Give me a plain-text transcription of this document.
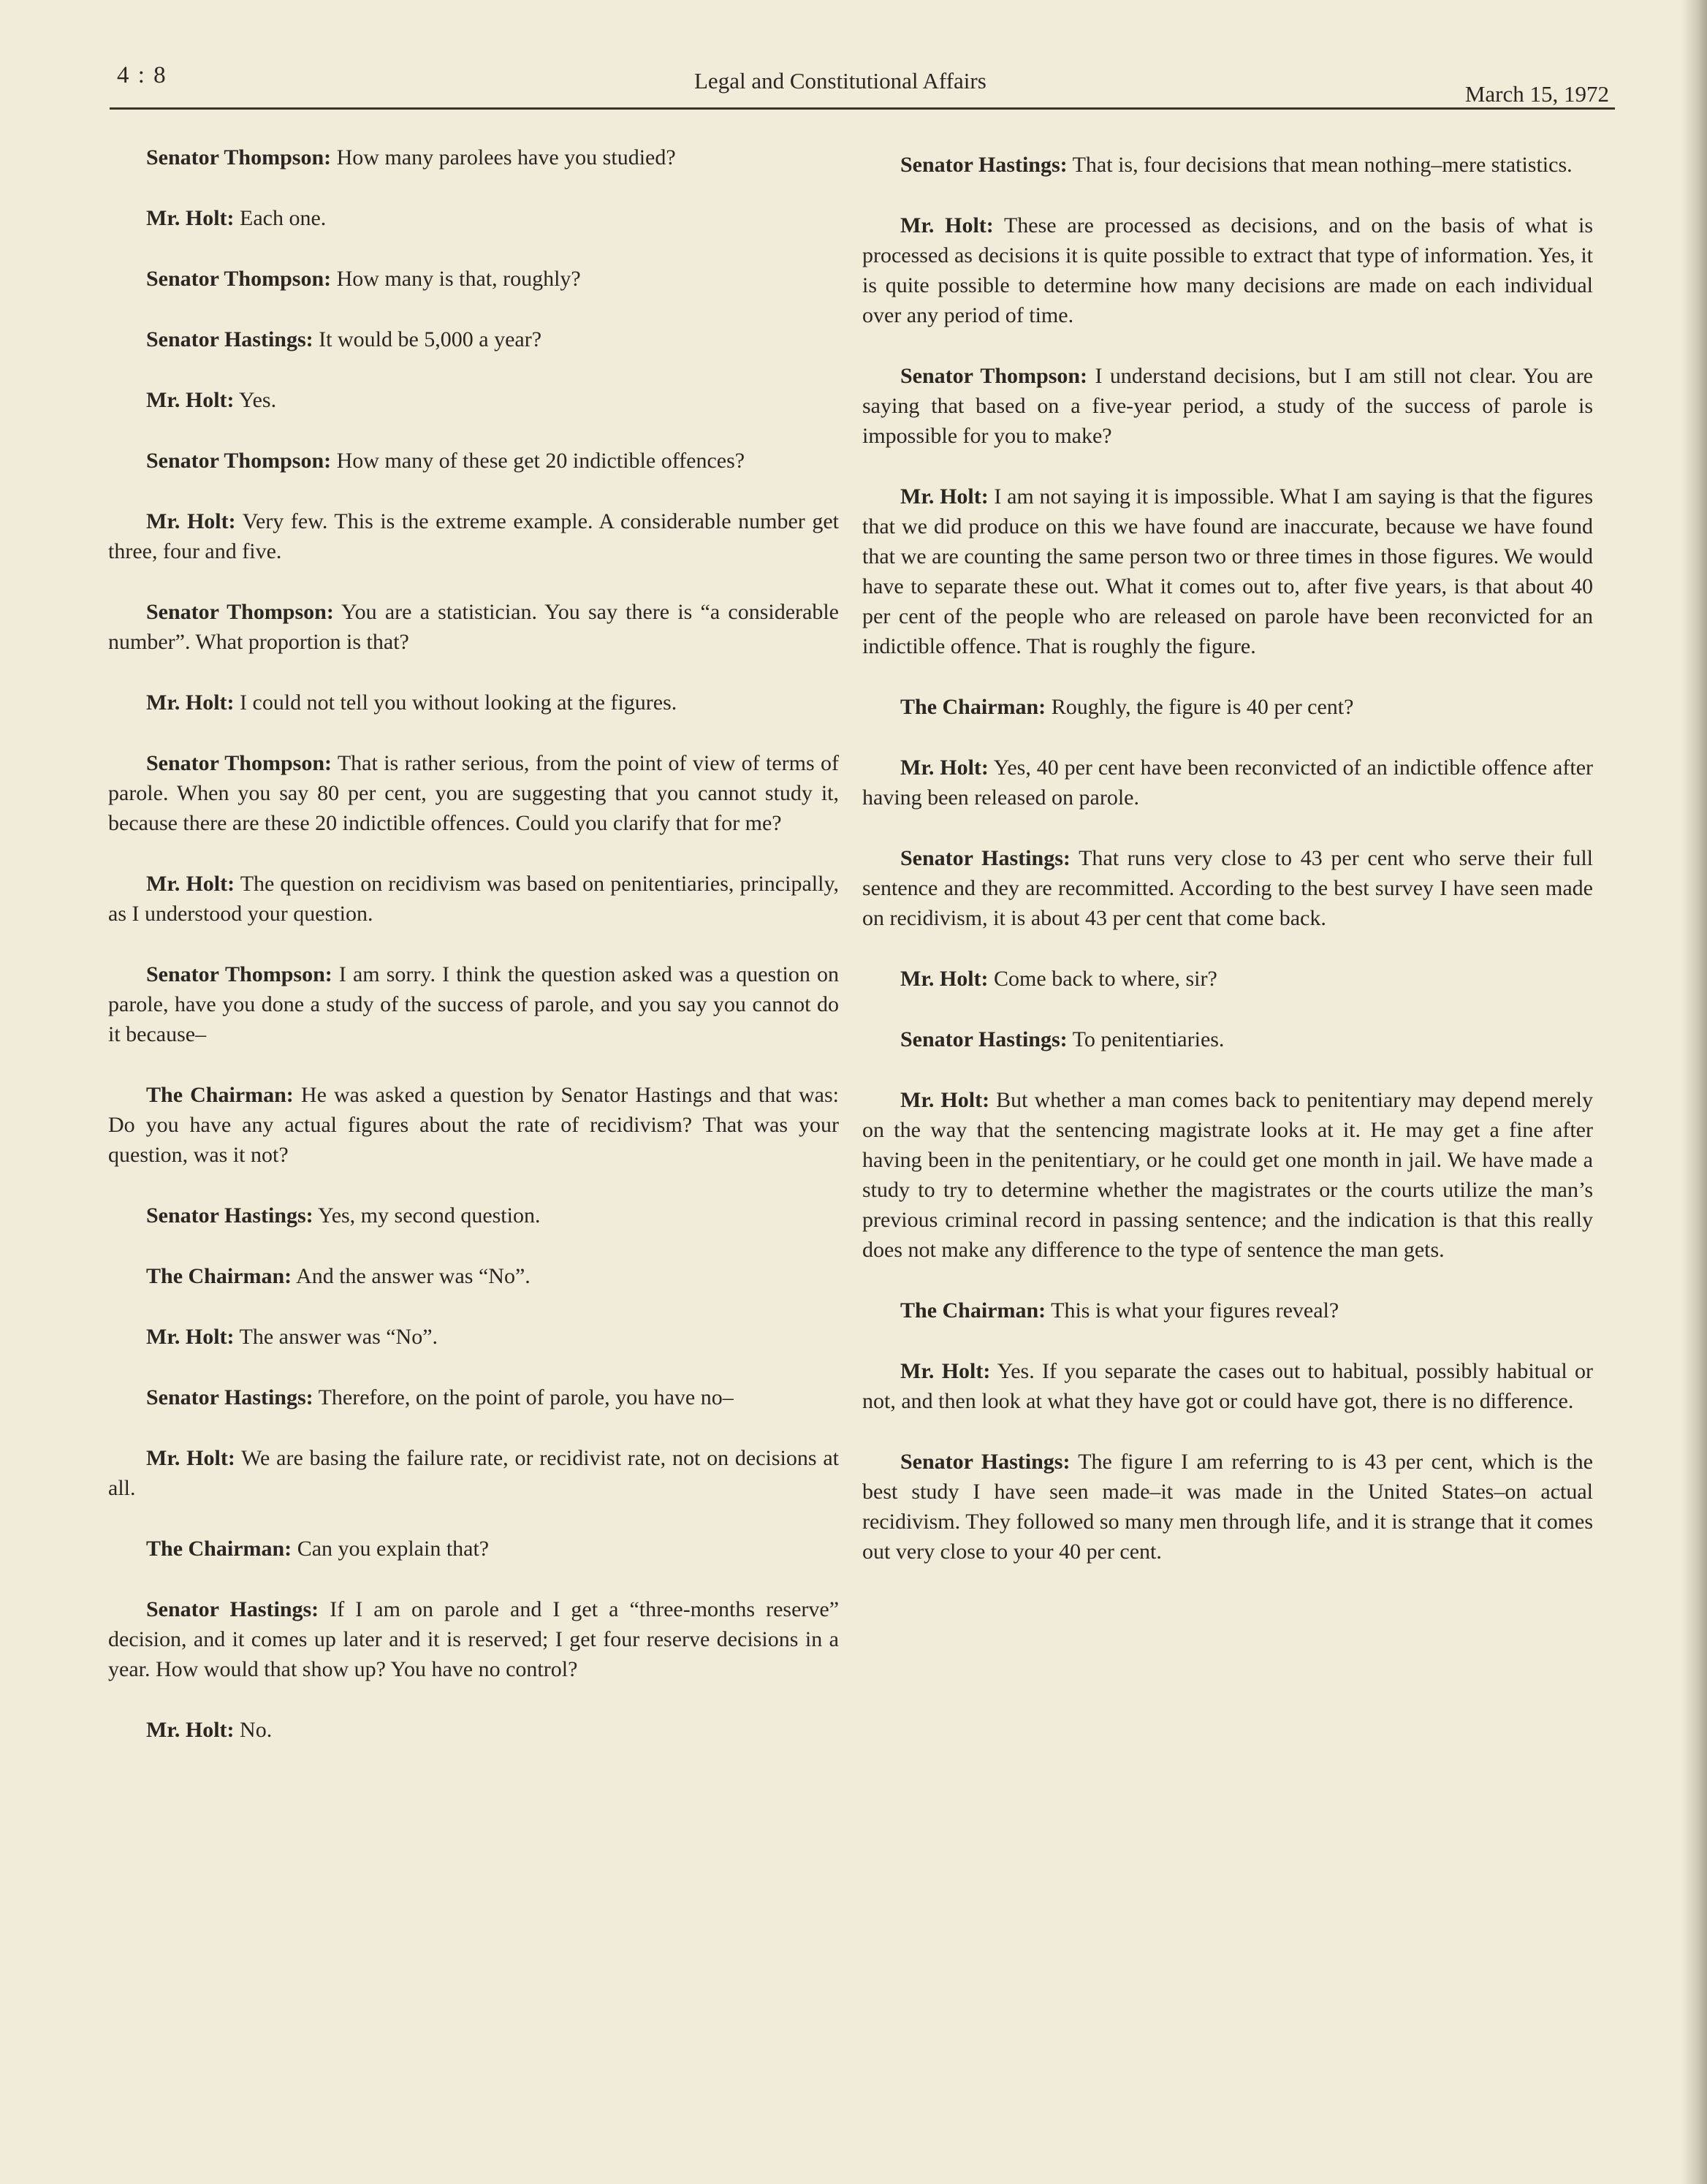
4 : 8	Legal and Constitutional Affairs
March 15, 1972

Senator Thompson: How many parolees have you studied?

Mr. Holt: Each one.

Senator Thompson: How many is that, roughly?

Senator Hastings: It would be 5,000 a year?

Mr. Holt: Yes.

Senator Thompson: How many of these get 20 indictible offences?

Mr. Holt: Very few. This is the extreme example. A considerable number get three, four and five.

Senator Thompson: You are a statistician. You say there is “a considerable number”. What proportion is that?

Mr. Holt: I could not tell you without looking at the figures.

Senator Thompson: That is rather serious, from the point of view of terms of parole. When you say 80 per cent, you are suggesting that you cannot study it, because there are these 20 indictible offences. Could you clarify that for me?

Mr. Holt: The question on recidivism was based on penitentiaries, principally, as I understood your question.

Senator Thompson: I am sorry. I think the question asked was a question on parole, have you done a study of the success of parole, and you say you cannot do it because–

The Chairman: He was asked a question by Senator Hastings and that was: Do you have any actual figures about the rate of recidivism? That was your question, was it not?

Senator Hastings: Yes, my second question.

The Chairman: And the answer was “No”.

Mr. Holt: The answer was “No”.

Senator Hastings: Therefore, on the point of parole, you have no–

Mr. Holt: We are basing the failure rate, or recidivist rate, not on decisions at all.

The Chairman: Can you explain that?

Senator Hastings: If I am on parole and I get a “three-months reserve” decision, and it comes up later and it is reserved; I get four reserve decisions in a year. How would that show up? You have no control?

Mr. Holt: No.

Senator Hastings: That is, four decisions that mean nothing–mere statistics.

Mr. Holt: These are processed as decisions, and on the basis of what is processed as decisions it is quite possible to extract that type of information. Yes, it is quite possible to determine how many decisions are made on each individual over any period of time.

Senator Thompson: I understand decisions, but I am still not clear. You are saying that based on a five-year period, a study of the success of parole is impossible for you to make?

Mr. Holt: I am not saying it is impossible. What I am saying is that the figures that we did produce on this we have found are inaccurate, because we have found that we are counting the same person two or three times in those figures. We would have to separate these out. What it comes out to, after five years, is that about 40 per cent of the people who are released on parole have been reconvicted for an indictible offence. That is roughly the figure.

The Chairman: Roughly, the figure is 40 per cent?

Mr. Holt: Yes, 40 per cent have been reconvicted of an indictible offence after having been released on parole.

Senator Hastings: That runs very close to 43 per cent who serve their full sentence and they are recommitted. According to the best survey I have seen made on recidivism, it is about 43 per cent that come back.

Mr. Holt: Come back to where, sir?

Senator Hastings: To penitentiaries.

Mr. Holt: But whether a man comes back to penitentiary may depend merely on the way that the sentencing magistrate looks at it. He may get a fine after having been in the penitentiary, or he could get one month in jail. We have made a study to try to determine whether the magistrates or the courts utilize the man’s previous criminal record in passing sentence; and the indication is that this really does not make any difference to the type of sentence the man gets.

The Chairman: This is what your figures reveal?

Mr. Holt: Yes. If you separate the cases out to habitual, possibly habitual or not, and then look at what they have got or could have got, there is no difference.

Senator Hastings: The figure I am referring to is 43 per cent, which is the best study I have seen made–it was made in the United States–on actual recidivism. They followed so many men through life, and it is strange that it comes out very close to your 40 per cent.
